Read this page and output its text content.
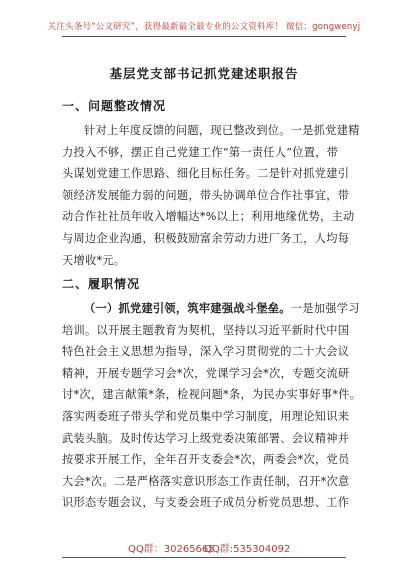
关注头条号“公文研究”，获得最新最全最专业的公文资料库！ 微信：gongwenyj
基层党支部书记抓党建述职报告
一、问题整改情况
针对上年度反馈的问题，现已整改到位。一是抓党建精
力投入不够，摆正自己党建工作“第一责任人”位置，带
头谋划党建工作思路、细化目标任务。二是针对抓党建引
领经济发展能力弱的问题，带头协调单位合作社事宜，带
动合作社社员年收入增幅达*%以上；利用地缘优势，主动
与周边企业沟通，积极鼓励富余劳动力进厂务工，人均每
天增收*元。
二、履职情况
（一）抓党建引领，筑牢建强战斗堡垒。一是加强学习
培训。以开展主题教育为契机，坚持以习近平新时代中国
特色社会主义思想为指导，深入学习贯彻党的二十大会议
精神，开展专题学习会*次，党课学习会*次，专题交流研
讨*次，建言献策*条，检视问题*条，为民办实事好事*件。
落实两委班子带头学和党员集中学习制度，用理论知识来
武装头脑。及时传达学习上级党委决策部署、会议精神并
按要求开展工作，全年召开支委会*次，两委会*次，党员
大会*次。二是严格落实意识形态工作责任制，召开*次意
识形态专题会议，与支委会班子成员分析党员思想、工作
QQ群：30265665
QQ群:535304092
